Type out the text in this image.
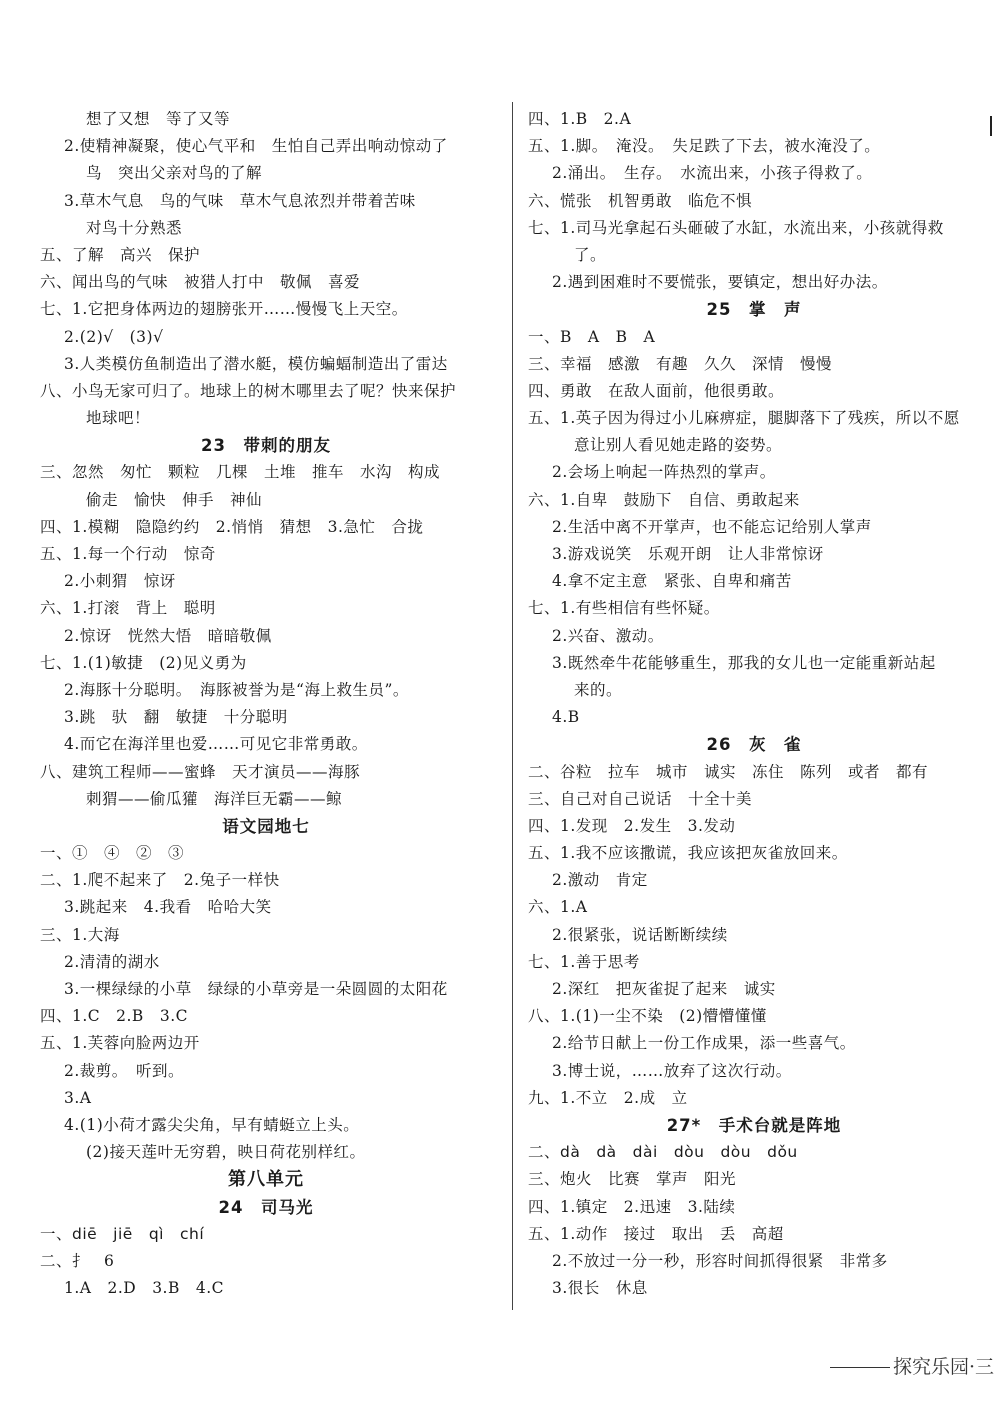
想了又想　等了又等
2.使精神凝聚，使心气平和　生怕自己弄出响动惊动了
鸟　突出父亲对鸟的了解
3.草木气息　鸟的气味　草木气息浓烈并带着苦味
对鸟十分熟悉
五、了解　高兴　保护
六、闻出鸟的气味　被猎人打中　敬佩　喜爱
七、1.它把身体两边的翅膀张开……慢慢飞上天空。
2.(2)√　(3)√
3.人类模仿鱼制造出了潜水艇，模仿蝙蝠制造出了雷达
八、小鸟无家可归了。地球上的树木哪里去了呢？快来保护
地球吧！
23　带刺的朋友
三、忽然　匆忙　颗粒　几棵　土堆　推车　水沟　构成
偷走　愉快　伸手　神仙
四、1.模糊　隐隐约约　2.悄悄　猜想　3.急忙　合拢
五、1.每一个行动　惊奇
2.小刺猬　惊讶
六、1.打滚　背上　聪明
2.惊讶　恍然大悟　暗暗敬佩
七、1.(1)敏捷　(2)见义勇为
2.海豚十分聪明。　海豚被誉为是“海上救生员”。
3.跳　驮　翻　敏捷　十分聪明
4.而它在海洋里也爱……可见它非常勇敢。
八、建筑工程师——蜜蜂　天才演员——海豚
刺猬——偷瓜獾　海洋巨无霸——鲸
语文园地七
一、①　④　②　③
二、1.爬不起来了　2.兔子一样快
3.跳起来　4.我看　哈哈大笑
三、1.大海
2.清清的湖水
3.一棵绿绿的小草　绿绿的小草旁是一朵圆圆的太阳花
四、1.C　2.B　3.C
五、1.芙蓉向脸两边开
2.裁剪。　听到。
3.A
4.(1)小荷才露尖尖角，早有蜻蜓立上头。
(2)接天莲叶无穷碧，映日荷花别样红。
第八单元
24　司马光
一、diē　jiē　qì　chí
二、扌　6
1.A　2.D　3.B　4.C
四、1.B　2.A
五、1.脚。　淹没。　失足跌了下去，被水淹没了。
2.涌出。　生存。　水流出来，小孩子得救了。
六、慌张　机智勇敢　临危不惧
七、1.司马光拿起石头砸破了水缸，水流出来，小孩就得救
了。
2.遇到困难时不要慌张，要镇定，想出好办法。
25　掌　声
一、B　A　B　A
三、幸福　感激　有趣　久久　深情　慢慢
四、勇敢　在敌人面前，他很勇敢。
五、1.英子因为得过小儿麻痹症，腿脚落下了残疾，所以不愿
意让别人看见她走路的姿势。
2.会场上响起一阵热烈的掌声。
六、1.自卑　鼓励下　自信、勇敢起来
2.生活中离不开掌声，也不能忘记给别人掌声
3.游戏说笑　乐观开朗　让人非常惊讶
4.拿不定主意　紧张、自卑和痛苦
七、1.有些相信有些怀疑。
2.兴奋、激动。
3.既然牵牛花能够重生，那我的女儿也一定能重新站起
来的。
4.B
26　灰　雀
二、谷粒　拉车　城市　诚实　冻住　陈列　或者　都有
三、自己对自己说话　十全十美
四、1.发现　2.发生　3.发动
五、1.我不应该撒谎，我应该把灰雀放回来。
2.激动　肯定
六、1.A
2.很紧张，说话断断续续
七、1.善于思考
2.深红　把灰雀捉了起来　诚实
八、1.(1)一尘不染　(2)懵懵懂懂
2.给节日献上一份工作成果，添一些喜气。
3.博士说，……放弃了这次行动。
九、1.不立　2.成　立
27*　手术台就是阵地
二、dà　dà　dài　dòu　dòu　dǒu
三、炮火　比赛　掌声　阳光
四、1.镇定　2.迅速　3.陆续
五、1.动作　接过　取出　丢　高超
2.不放过一分一秒，形容时间抓得很紧　非常多
3.很长　休息
探究乐园·三
